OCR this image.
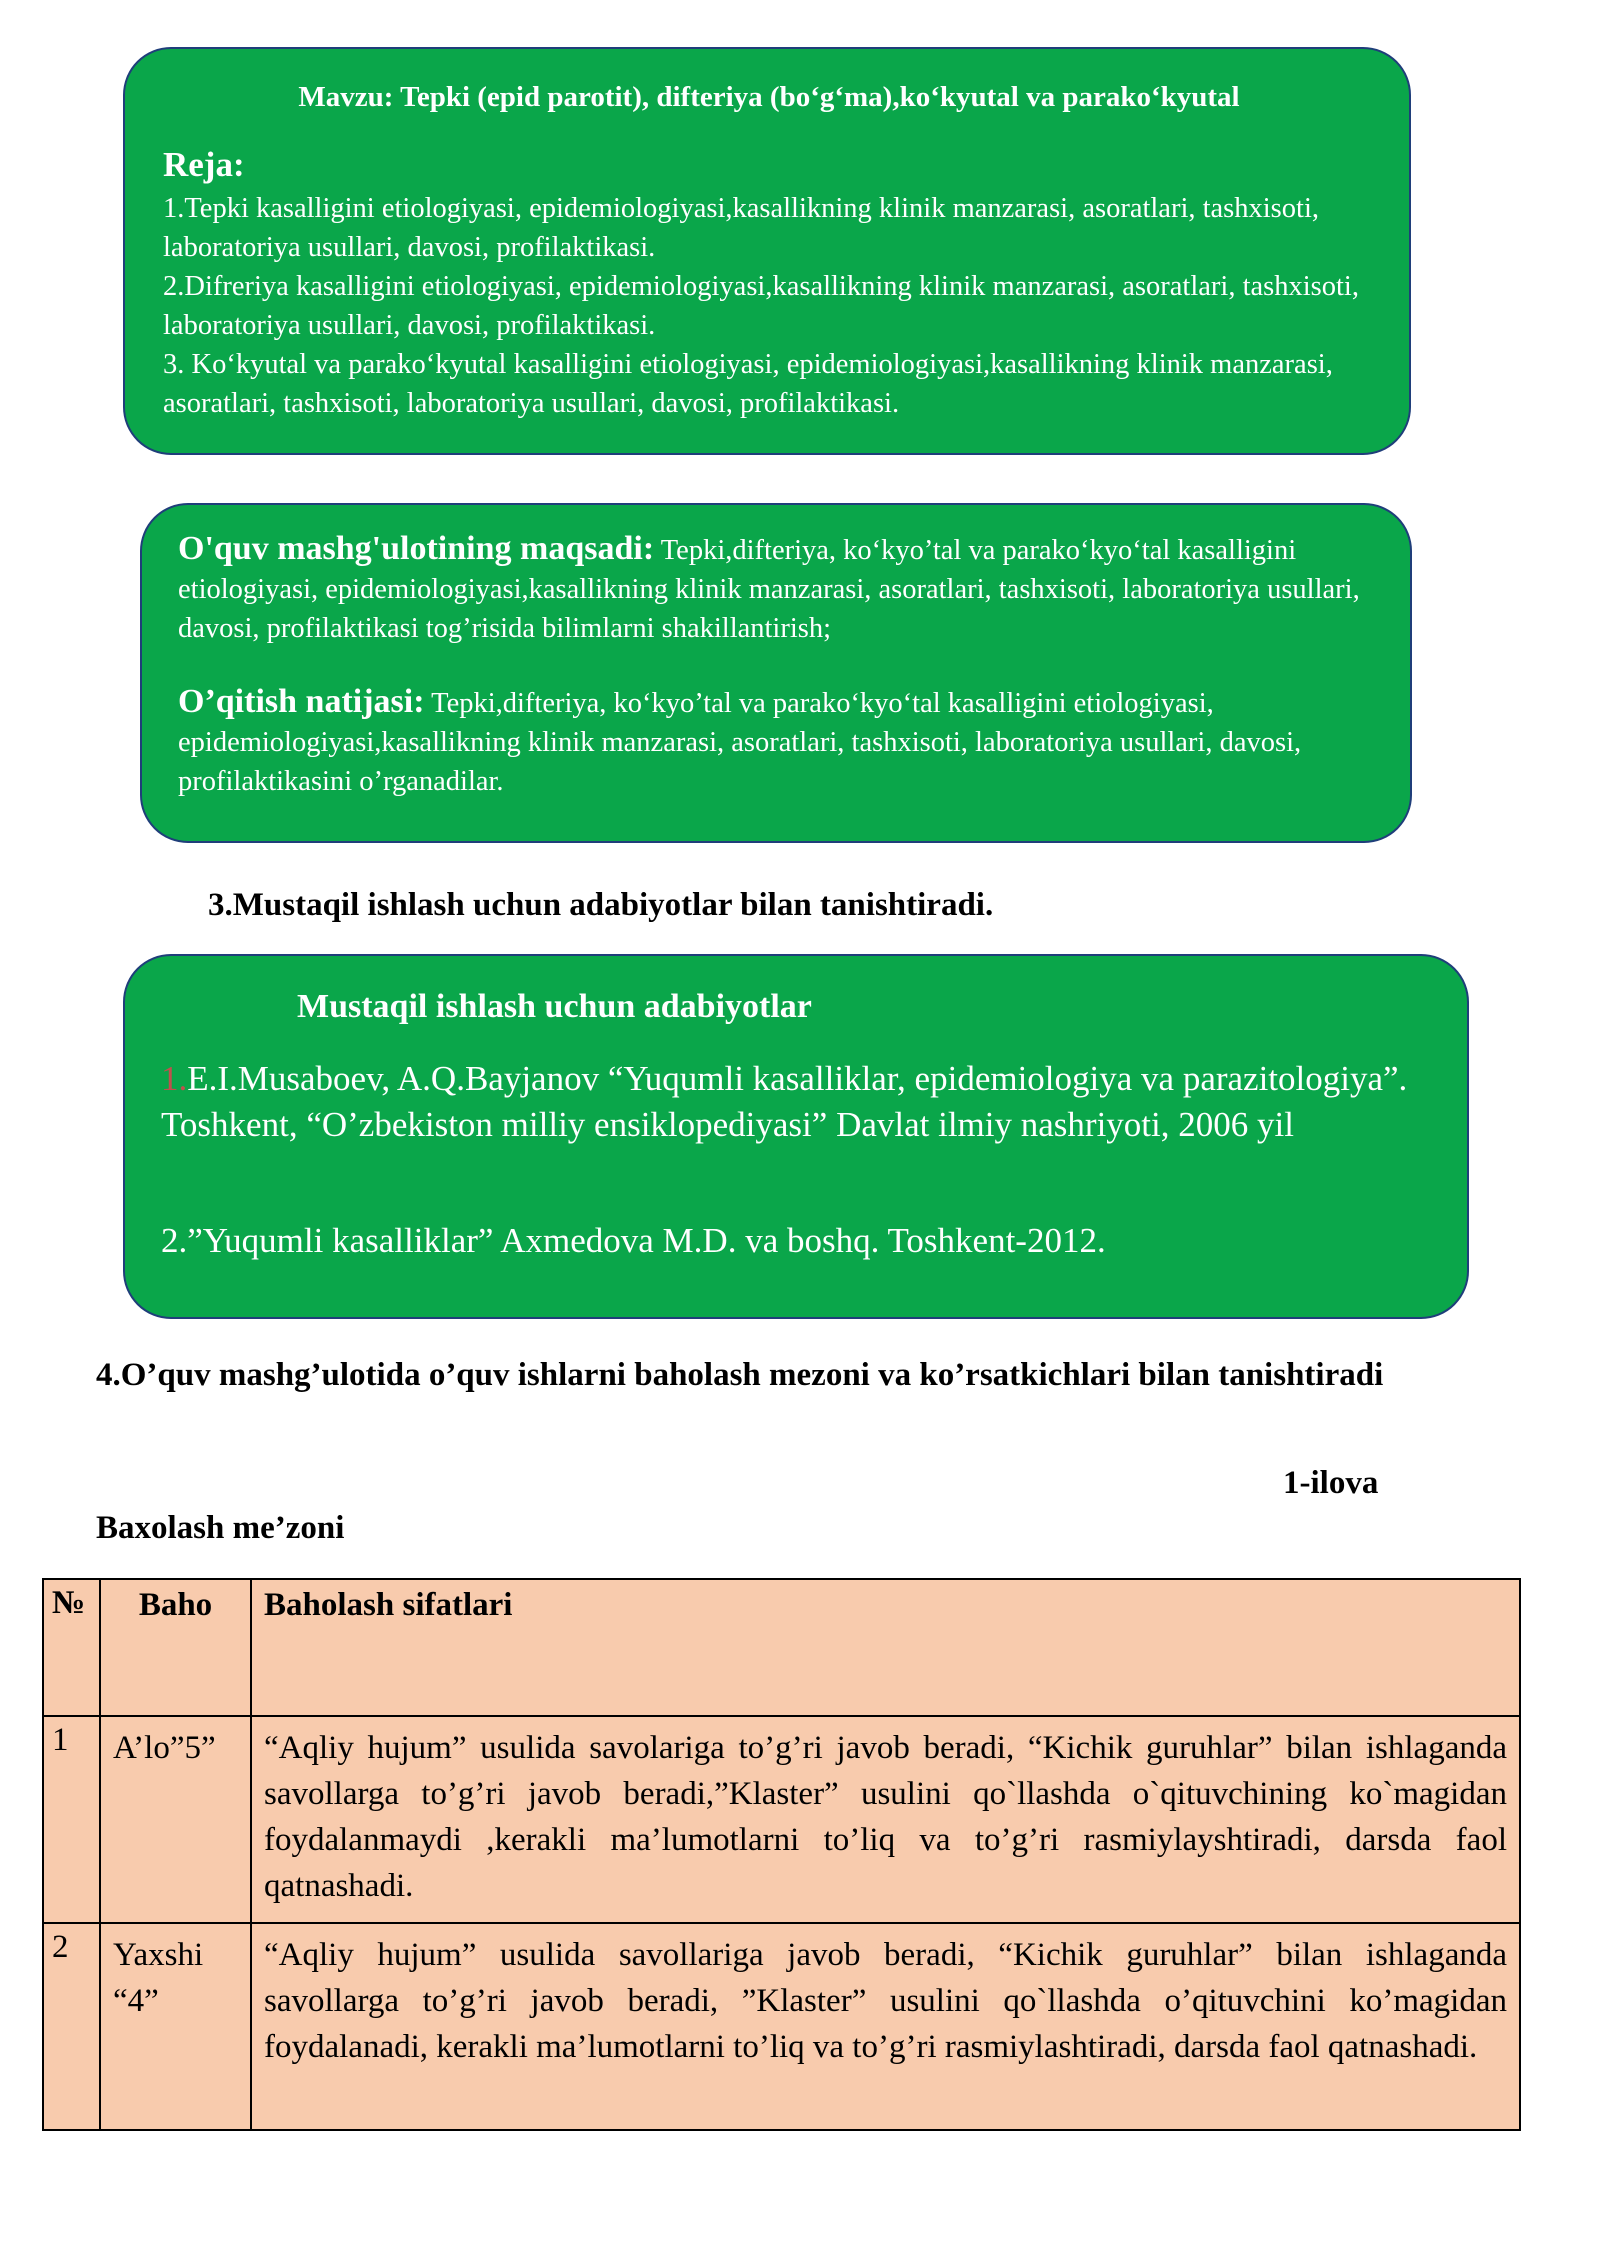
Mavzu: Tepki (epid parotit), difteriya (bo‘g‘ma),ko‘kyutal va parako‘kyutal
Reja:
1.Tepki kasalligini etiologiyasi, epidemiologiyasi,kasallikning klinik manzarasi, asoratlari, tashxisoti, laboratoriya usullari, davosi, profilaktikasi.
2.Difreriya kasalligini etiologiyasi, epidemiologiyasi,kasallikning klinik manzarasi, asoratlari, tashxisoti, laboratoriya usullari, davosi, profilaktikasi.
3. Ko‘kyutal va parako‘kyutal kasalligini etiologiyasi, epidemiologiyasi,kasallikning klinik manzarasi, asoratlari, tashxisoti, laboratoriya usullari, davosi, profilaktikasi.
O'quv mashg'ulotining maqsadi: Tepki,difteriya, ko‘kyo’tal va parako‘kyo‘tal kasalligini etiologiyasi, epidemiologiyasi,kasallikning klinik manzarasi, asoratlari, tashxisoti, laboratoriya usullari, davosi, profilaktikasi tog’risida bilimlarni shakillantirish;
O’qitish natijasi: Tepki,difteriya, ko‘kyo’tal va parako‘kyo‘tal kasalligini etiologiyasi, epidemiologiyasi,kasallikning klinik manzarasi, asoratlari, tashxisoti, laboratoriya usullari, davosi, profilaktikasini o’rganadilar.
3.Mustaqil ishlash uchun adabiyotlar bilan tanishtiradi.
Mustaqil ishlash uchun adabiyotlar
1.E.I.Musaboev, A.Q.Bayjanov “Yuqumli kasalliklar, epidemiologiya va parazitologiya”. Toshkent, “O’zbekiston milliy ensiklopediyasi” Davlat ilmiy nashriyoti, 2006 yil
2.”Yuqumli kasalliklar” Axmedova M.D. va boshq. Toshkent-2012.
4.O’quv mashg’ulotida o’quv ishlarni baholash mezoni va ko’rsatkichlari bilan tanishtiradi
1-ilova
Baxolash me’zoni
№	Baho	Baholash sifatlari
1	A’lo”5”	“Aqliy hujum” usulida savolariga to’g’ri javob beradi, “Kichik guruhlar” bilan ishlaganda savollarga to’g’ri javob beradi,”Klaster” usulini qo`llashda o`qituvchining ko`magidan foydalanmaydi ,kerakli ma’lumotlarni to’liq va to’g’ri rasmiylayshtiradi, darsda faol qatnashadi.
2	Yaxshi “4”	“Aqliy hujum” usulida savollariga javob beradi, “Kichik guruhlar” bilan ishlaganda savollarga to’g’ri javob beradi, ”Klaster” usulini qo`llashda o’qituvchini ko’magidan foydalanadi, kerakli ma’lumotlarni to’liq va to’g’ri rasmiylashtiradi, darsda faol qatnashadi.
